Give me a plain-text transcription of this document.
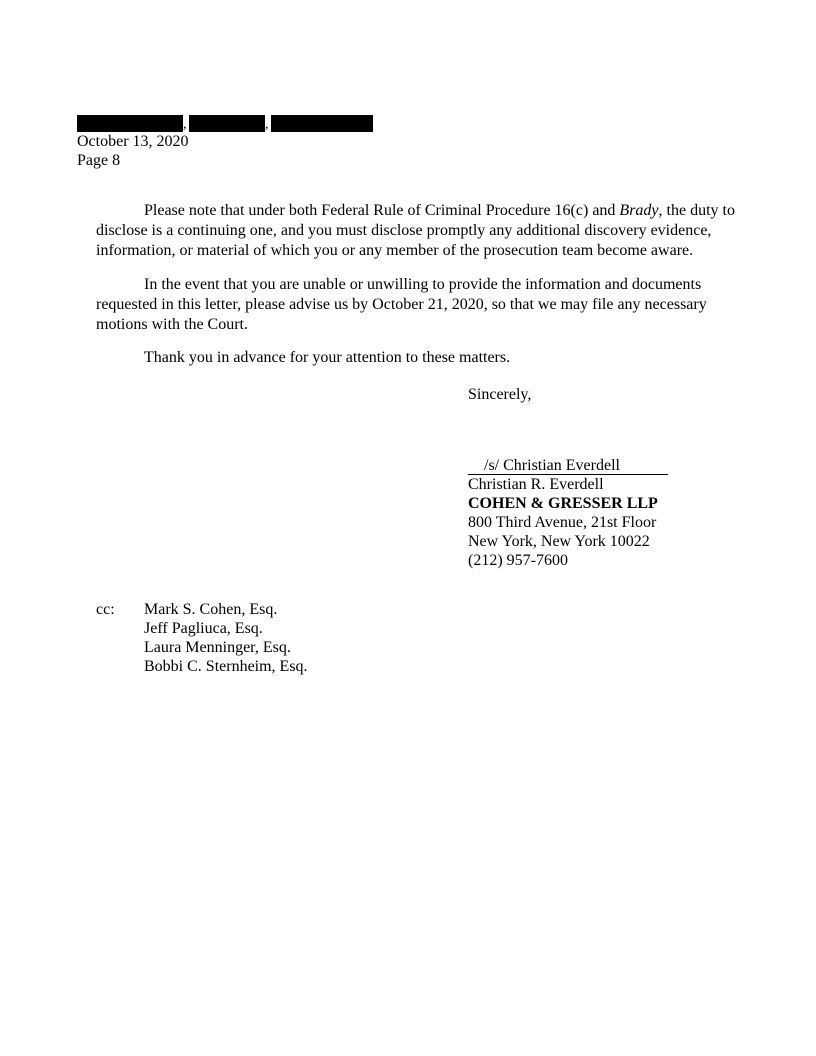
,	,
October 13, 2020
Page 8

Please note that under both Federal Rule of Criminal Procedure 16(c) and Brady, the duty to disclose is a continuing one, and you must disclose promptly any additional discovery evidence, information, or material of which you or any member of the prosecution team become aware.

In the event that you are unable or unwilling to provide the information and documents requested in this letter, please advise us by October 21, 2020, so that we may file any necessary motions with the Court.

Thank you in advance for your attention to these matters.

Sincerely,
/s/ Christian Everdell
Christian R. Everdell
COHEN & GRESSER LLP
800 Third Avenue, 21st Floor
New York, New York 10022
(212) 957-7600
cc:	Mark S. Cohen, Esq.
Jeff Pagliuca, Esq.
Laura Menninger, Esq.
Bobbi C. Sternheim, Esq.
